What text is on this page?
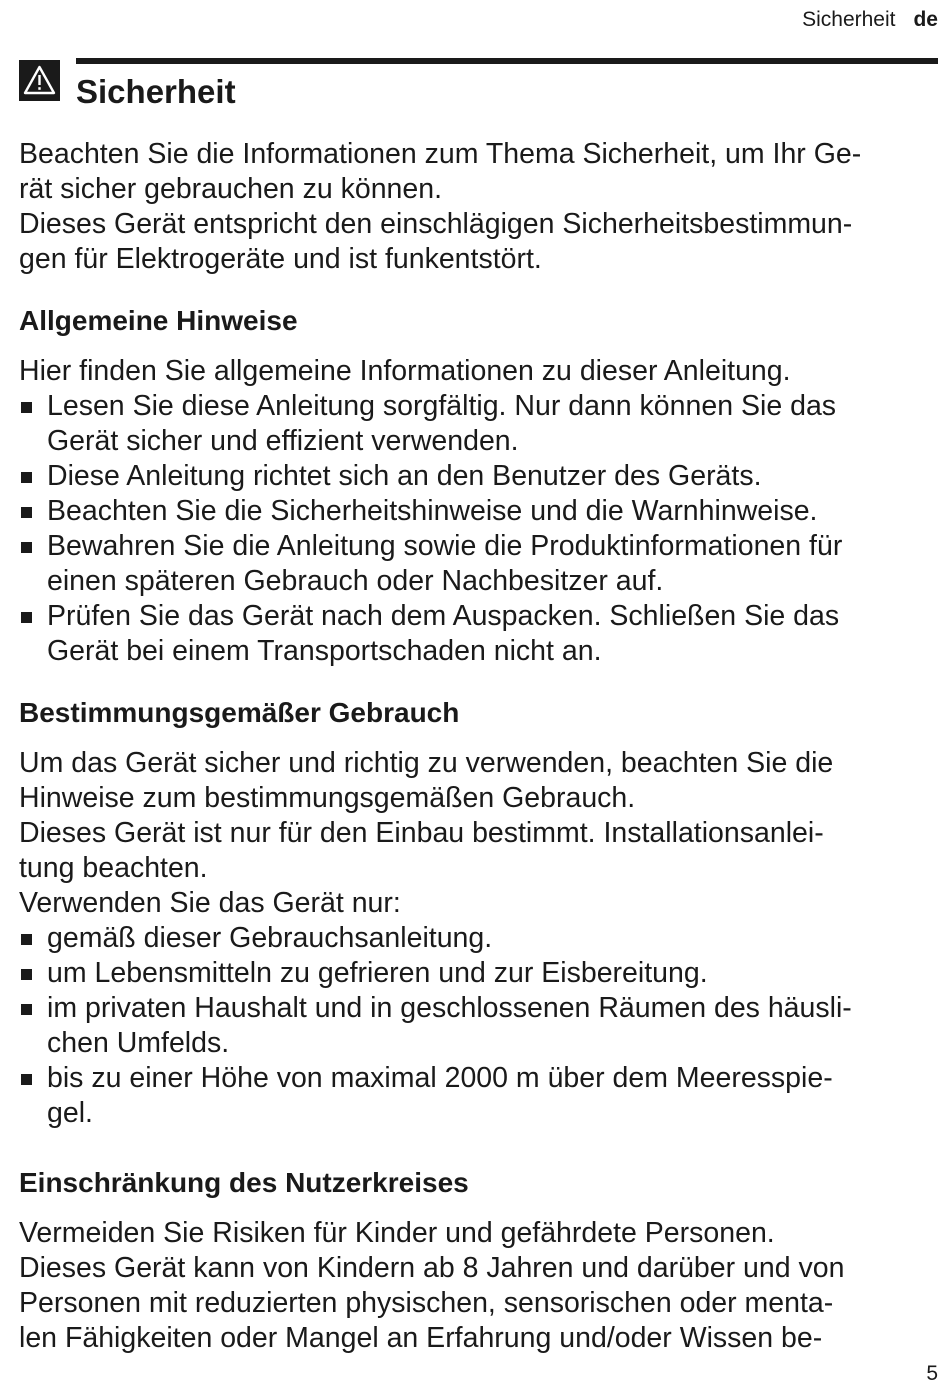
Sicherheit de
Sicherheit

Beachten Sie die Informationen zum Thema Sicherheit, um Ihr Ge-

rät sicher gebrauchen zu können.

Dieses Gerät entspricht den einschlägigen Sicherheitsbestimmun-

gen für Elektrogeräte und ist funkentstört.

Allgemeine Hinweise

Hier finden Sie allgemeine Informationen zu dieser Anleitung.

Lesen Sie diese Anleitung sorgfältig. Nur dann können Sie das
Gerät sicher und effizient verwenden.
Diese Anleitung richtet sich an den Benutzer des Geräts.
Beachten Sie die Sicherheitshinweise und die Warnhinweise.
Bewahren Sie die Anleitung sowie die Produktinformationen für
einen späteren Gebrauch oder Nachbesitzer auf.
Prüfen Sie das Gerät nach dem Auspacken. Schließen Sie das
Gerät bei einem Transportschaden nicht an.
Bestimmungsgemäßer Gebrauch

Um das Gerät sicher und richtig zu verwenden, beachten Sie die

Hinweise zum bestimmungsgemäßen Gebrauch.

Dieses Gerät ist nur für den Einbau bestimmt. Installationsanlei-

tung beachten.

Verwenden Sie das Gerät nur:

gemäß dieser Gebrauchsanleitung.
um Lebensmitteln zu gefrieren und zur Eisbereitung.
im privaten Haushalt und in geschlossenen Räumen des häusli-
chen Umfelds.
bis zu einer Höhe von maximal 2000 m über dem Meeresspie-
gel.
Einschränkung des Nutzerkreises

Vermeiden Sie Risiken für Kinder und gefährdete Personen.

Dieses Gerät kann von Kindern ab 8 Jahren und darüber und von

Personen mit reduzierten physischen, sensorischen oder menta-

len Fähigkeiten oder Mangel an Erfahrung und/oder Wissen be-

5
